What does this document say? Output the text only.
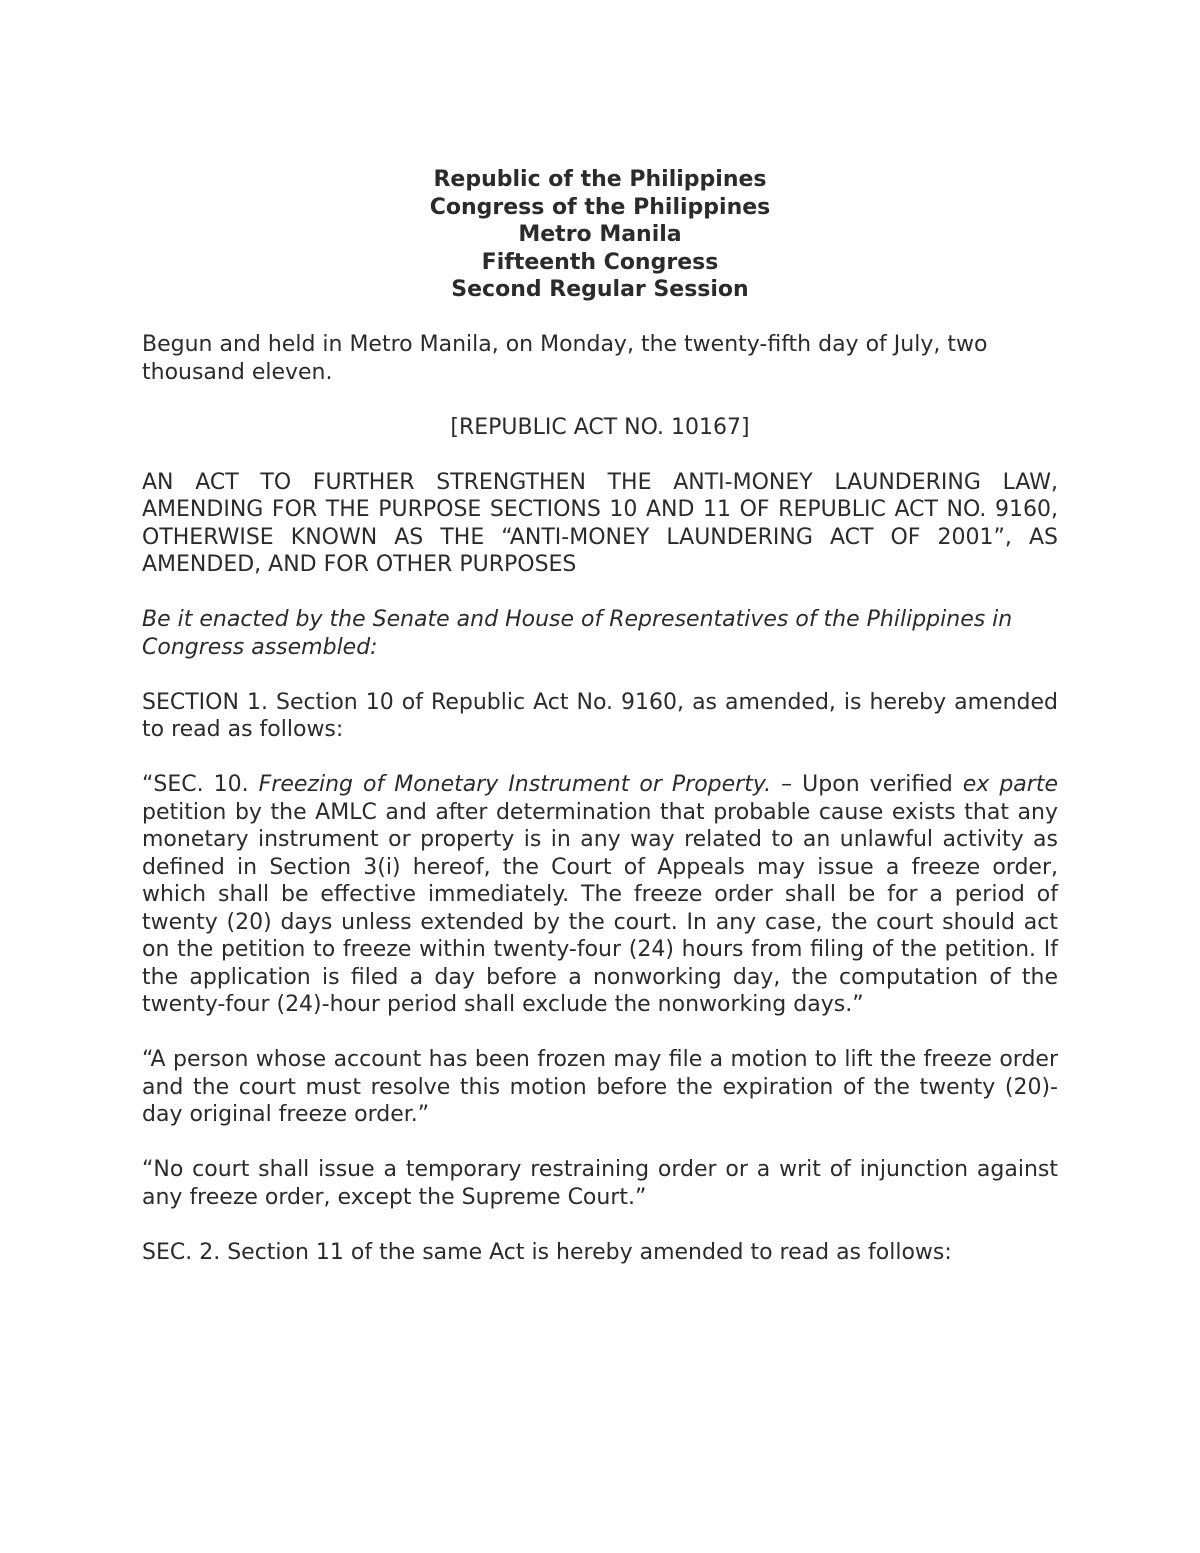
Republic of the Philippines

Congress of the Philippines

Metro Manila

Fifteenth Congress

Second Regular Session

Begun and held in Metro Manila, on Monday, the twenty-fifth day of July, two thousand eleven.

[REPUBLIC ACT NO. 10167]

AN ACT TO FURTHER STRENGTHEN THE ANTI-MONEY LAUNDERING LAW, AMENDING FOR THE PURPOSE SECTIONS 10 AND 11 OF REPUBLIC ACT NO. 9160, OTHERWISE KNOWN AS THE “ANTI-MONEY LAUNDERING ACT OF 2001”, AS AMENDED, AND FOR OTHER PURPOSES

Be it enacted by the Senate and House of Representatives of the Philippines in Congress assembled:

SECTION 1. Section 10 of Republic Act No. 9160, as amended, is hereby amended to read as follows:

“SEC. 10. Freezing of Monetary Instrument or Property. – Upon verified ex parte petition by the AMLC and after determination that probable cause exists that any monetary instrument or property is in any way related to an unlawful activity as defined in Section 3(i) hereof, the Court of Appeals may issue a freeze order, which shall be effective immediately. The freeze order shall be for a period of twenty (20) days unless extended by the court. In any case, the court should act on the petition to freeze within twenty-four (24) hours from filing of the petition. If the application is filed a day before a nonworking day, the computation of the twenty-four (24)-hour period shall exclude the nonworking days.”

“A person whose account has been frozen may file a motion to lift the freeze order and the court must resolve this motion before the expiration of the twenty (20)-day original freeze order.”

“No court shall issue a temporary restraining order or a writ of injunction against any freeze order, except the Supreme Court.”

SEC. 2. Section 11 of the same Act is hereby amended to read as follows:
